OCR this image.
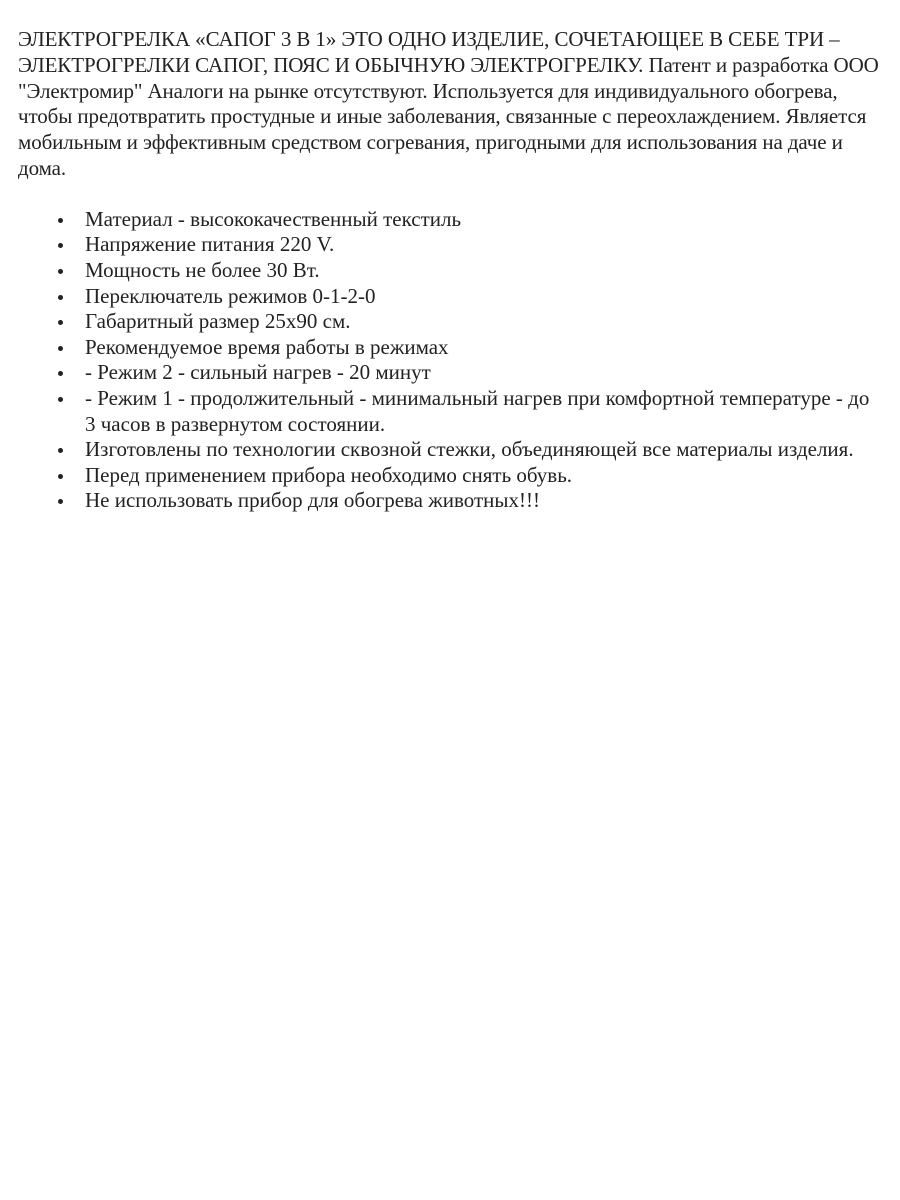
ЭЛЕКТРОГРЕЛКА «САПОГ 3 В 1» ЭТО ОДНО ИЗДЕЛИЕ, СОЧЕТАЮЩЕЕ В СЕБЕ ТРИ – ЭЛЕКТРОГРЕЛКИ САПОГ, ПОЯС И ОБЫЧНУЮ ЭЛЕКТРОГРЕЛКУ. Патент и разработка ООО "Электромир" Аналоги на рынке отсутствуют. Используется для индивидуального обогрева, чтобы предотвратить простудные и иные заболевания, связанные с переохлаждением. Является мобильным и эффективным средством согревания, пригодными для использования на даче и дома.

Материал - высококачественный текстиль
Напряжение питания 220 V.
Мощность не более 30 Вт.
Переключатель режимов 0-1-2-0
Габаритный размер 25х90 см.
Рекомендуемое время работы в режимах
- Режим 2 - сильный нагрев - 20 минут
- Режим 1 - продолжительный - минимальный нагрев при комфортной температуре - до 3 часов в развернутом состоянии.
Изготовлены по технологии сквозной стежки, объединяющей все материалы изделия.
Перед применением прибора необходимо снять обувь.
Не использовать прибор для обогрева животных!!!
